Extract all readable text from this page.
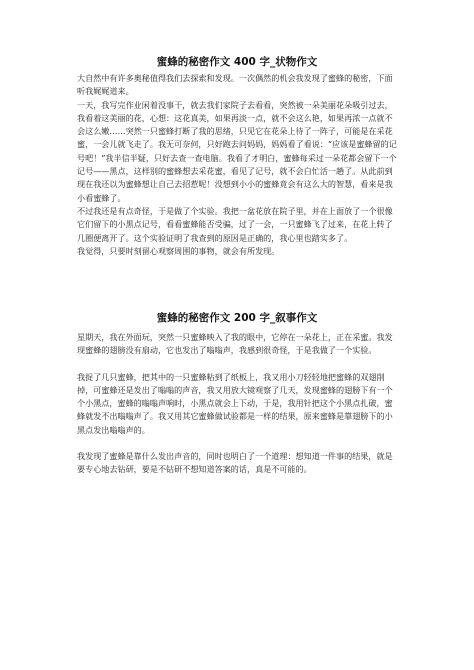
蜜蜂的秘密作文 400 字_状物作文

大自然中有许多奥秘值得我们去探索和发现。一次偶然的机会我发现了蜜蜂的秘密，下面听我娓娓道来。

一天，我写完作业闲着没事干，就去我们家院子去看看，突然被一朵美丽花朵吸引过去，我看着这美丽的花，心想：这花真美，如果再淡一点，就不会这么艳，如果再浓一点就不会这么嫩……突然一只蜜蜂打断了我的思绪，只见它在花朵上待了一阵子，可能是在采花蜜，一会儿就飞走了。我无可奈何，只好跑去问妈妈，妈妈看了看说：“应该是蜜蜂留的记号吧！”我半信半疑，只好去查一查电脑。我看了才明白，蜜蜂每采过一朵花都会留下一个记号——黑点，这样别的蜜蜂想去采花蜜，看见了记号，就不会白忙活一趟了。从此前到现在我还以为蜜蜂想让自己去招惹呢！没想到小小的蜜蜂竟会有这么大的智慧，看来是我小看蜜蜂了。

不过我还是有点奇怪，于是做了个实验。我把一盆花放在院子里，并在上面放了一个很像它们留下的小黑点记号，看看蜜蜂能否受骗，过了一会，一只蜜蜂飞了过来，在花上转了几圈便离开了。这个实验证明了我查到的原因是正确的，我心里也踏实多了。

我觉得，只要时刻留心观察周围的事物，就会有所发现。

蜜蜂的秘密作文 200 字_叙事作文

星期天，我在外面玩，突然一只蜜蜂映入了我的眼中，它停在一朵花上，正在采蜜。我发现蜜蜂的翅膀没有扇动，它也发出了嗡嗡声，我感到很奇怪，于是我做了一个实验。

我捉了几只蜜蜂，把其中的一只蜜蜂粘到了纸板上，我又用小刀轻轻地把蜜蜂的双翅削掉，可蜜蜂还是发出了嗡嗡的声音，我又用放大镜观察了几天，发现蜜蜂的翅膀下有一个个小黑点，蜜蜂的嗡嗡声响时，小黑点就会上下动，于是，我用针把这个小黑点扎破，蜜蜂就发不出嗡嗡声了。我又用其它蜜蜂做试验都是一样的结果，原来蜜蜂是靠翅膀下的小黑点发出嗡嗡声的。

我发现了蜜蜂是靠什么发出声音的，同时也明白了一个道理：想知道一件事的结果，就是要专心地去钻研，要是不钻研不想知道答案的话，真是不可能的。
